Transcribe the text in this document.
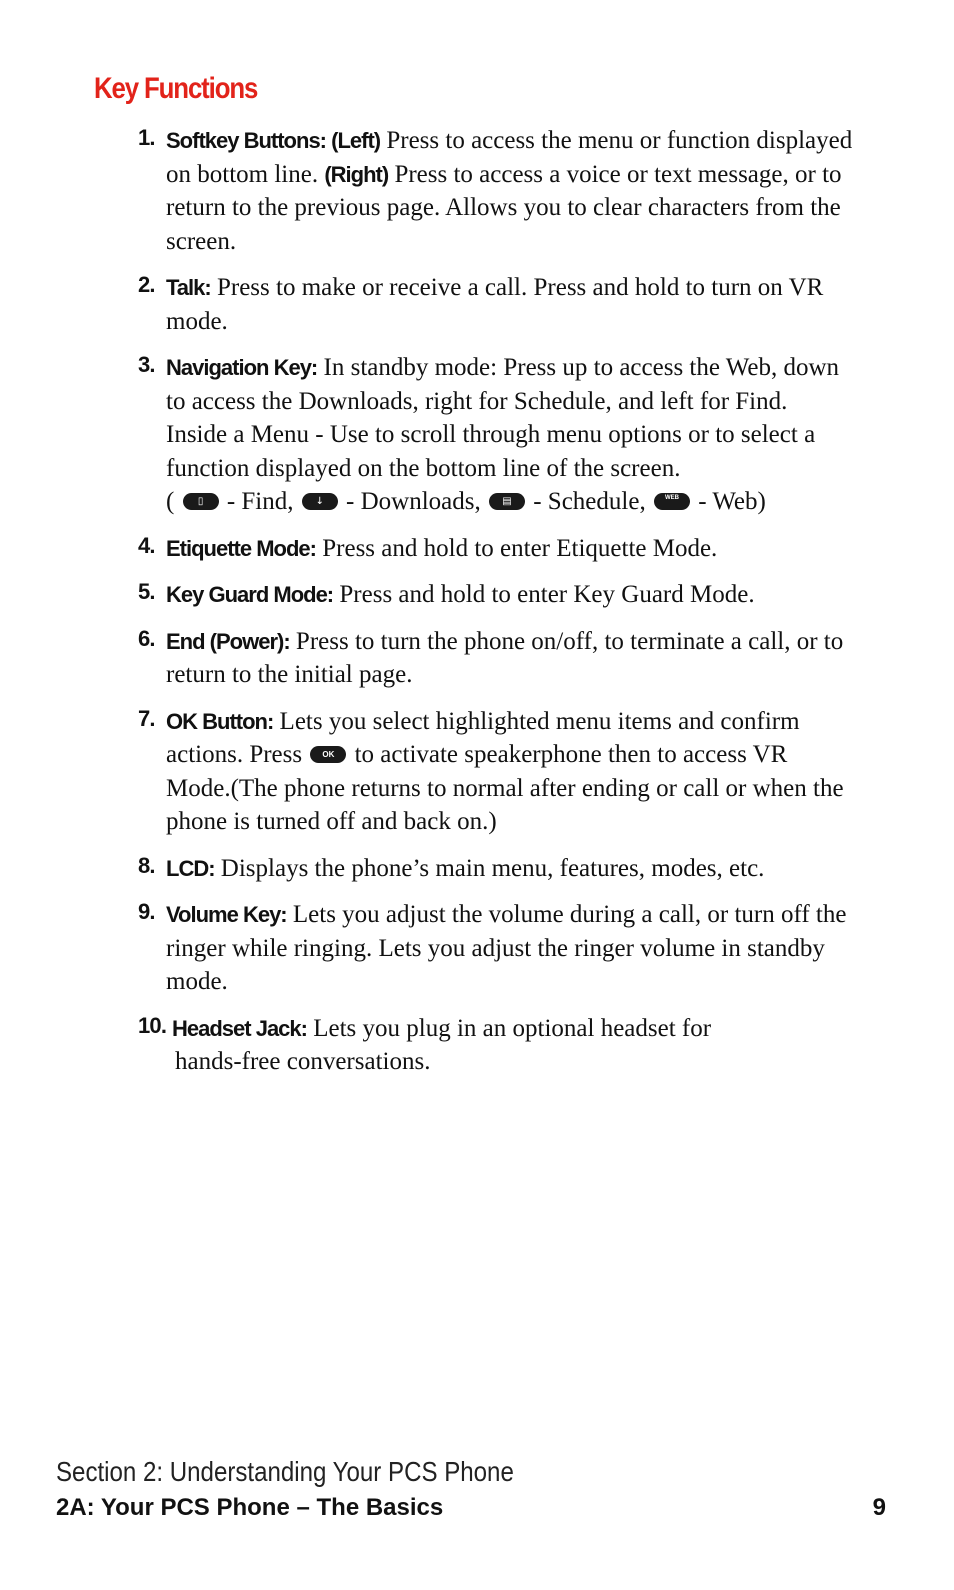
Key Functions
1. Softkey Buttons: (Left) Press to access the menu or function displayed on bottom line. (Right) Press to access a voice or text message, or to return to the previous page. Allows you to clear characters from the screen.
2. Talk: Press to make or receive a call. Press and hold to turn on VR mode.
3. Navigation Key: In standby mode: Press up to access the Web, down to access the Downloads, right for Schedule, and left for Find. Inside a Menu - Use to scroll through menu options or to select a function displayed on the bottom line of the screen.
(	▯ - Find,	↓ - Downloads,	▤ - Schedule,	WEB - Web)
4. Etiquette Mode: Press and hold to enter Etiquette Mode.
5. Key Guard Mode: Press and hold to enter Key Guard Mode.
6. End (Power): Press to turn the phone on/off, to terminate a call, or to return to the initial page.
7. OK Button: Lets you select highlighted menu items and confirm actions. Press	OK to activate speakerphone then to access VR Mode.(The phone returns to normal after ending or call or when the phone is turned off and back on.)
8. LCD: Displays the phone’s main menu, features, modes, etc.
9. Volume Key: Lets you adjust the volume during a call, or turn off the ringer while ringing. Lets you adjust the ringer volume in standby mode.
10. Headset Jack: Lets you plug in an optional headset for
hands-free conversations.
Section 2: Understanding Your PCS Phone
2A: Your PCS Phone – The Basics	9
